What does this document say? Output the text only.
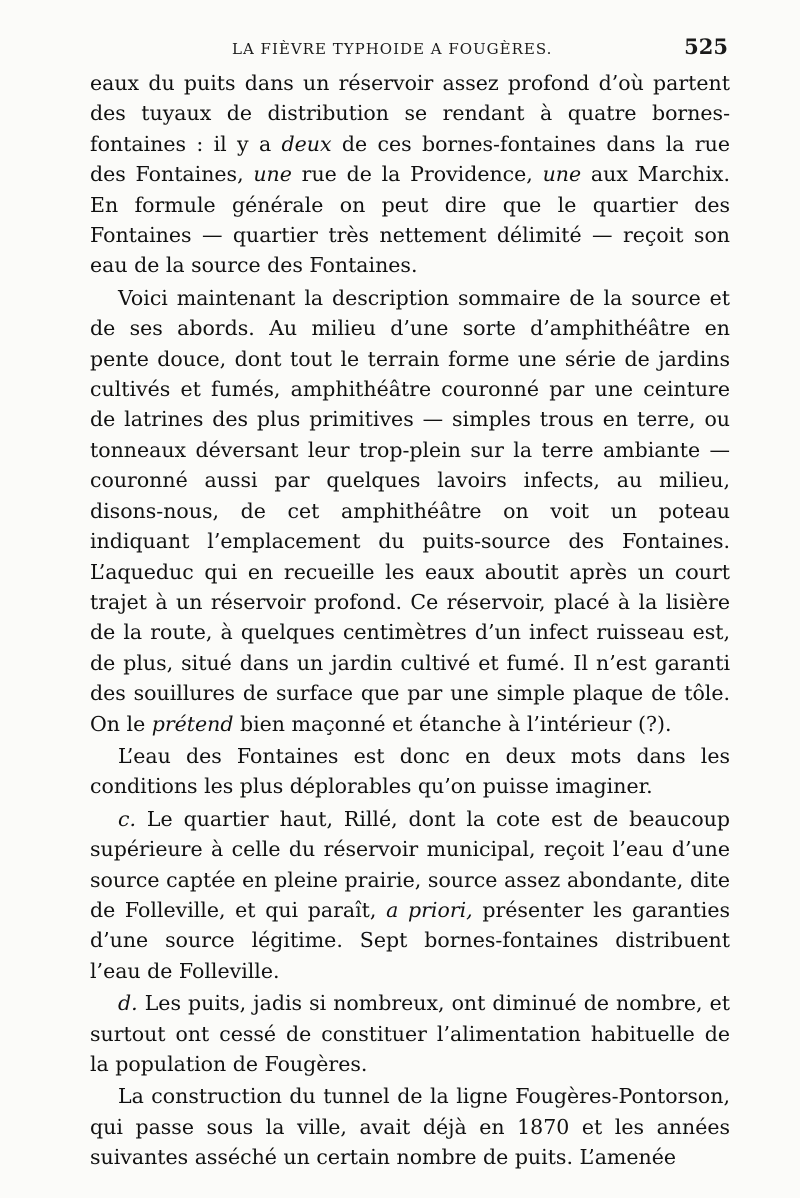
LA FIÈVRE TYPHOIDE A FOUGÈRES.	525

eaux du puits dans un réservoir assez profond d’où partent des tuyaux de distribution se rendant à quatre bornes-fontaines : il y a deux de ces bornes-fontaines dans la rue des Fontaines, une rue de la Providence, une aux Marchix. En formule générale on peut dire que le quartier des Fontaines — quartier très nettement délimité — reçoit son eau de la source des Fontaines.

Voici maintenant la description sommaire de la source et de ses abords. Au milieu d’une sorte d’amphithéâtre en pente douce, dont tout le terrain forme une série de jardins cultivés et fumés, amphithéâtre couronné par une ceinture de latrines des plus primitives — simples trous en terre, ou tonneaux déversant leur trop-plein sur la terre ambiante — couronné aussi par quelques lavoirs infects, au milieu, disons-nous, de cet amphithéâtre on voit un poteau indiquant l’emplacement du puits-source des Fontaines. L’aqueduc qui en recueille les eaux aboutit après un court trajet à un réservoir profond. Ce réservoir, placé à la lisière de la route, à quelques centimètres d’un infect ruisseau est, de plus, situé dans un jardin cultivé et fumé. Il n’est garanti des souillures de surface que par une simple plaque de tôle. On le prétend bien maçonné et étanche à l’intérieur (?).

L’eau des Fontaines est donc en deux mots dans les conditions les plus déplorables qu’on puisse imaginer.

c. Le quartier haut, Rillé, dont la cote est de beaucoup supérieure à celle du réservoir municipal, reçoit l’eau d’une source captée en pleine prairie, source assez abondante, dite de Folleville, et qui paraît, a priori, présenter les garanties d’une source légitime. Sept bornes-fontaines distribuent l’eau de Folleville.

d. Les puits, jadis si nombreux, ont diminué de nombre, et surtout ont cessé de constituer l’alimentation habituelle de la population de Fougères.

La construction du tunnel de la ligne Fougères-Pontorson, qui passe sous la ville, avait déjà en 1870 et les années suivantes asséché un certain nombre de puits. L’amenée
